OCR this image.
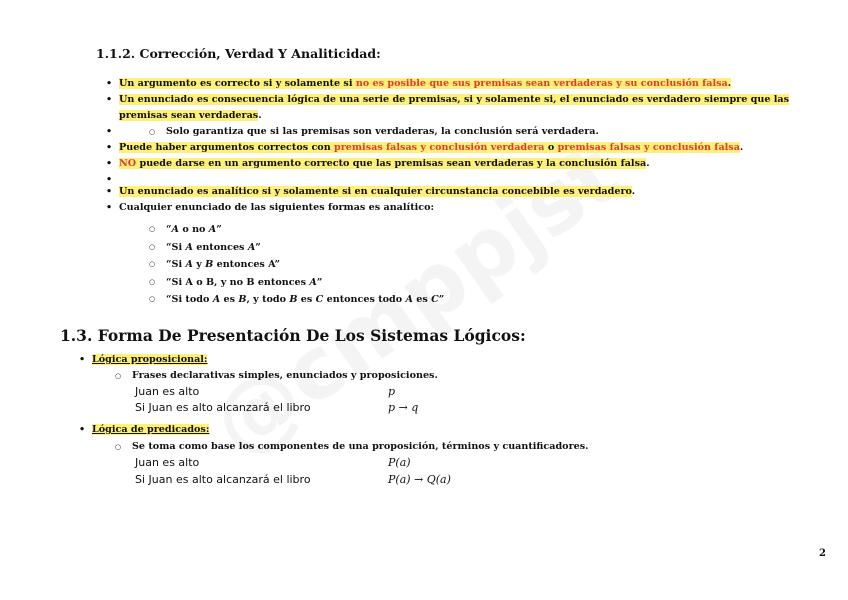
1.1.2. Corrección, Verdad Y Analiticidad:
• Un argumento es correcto si y solamente si no es posible que sus premisas sean verdaderas y su conclusión falsa.
• Un enunciado es consecuencia lógica de una serie de premisas, si y solamente si, el enunciado es verdadero siempre que las
premisas sean verdaderas.
• ○ Solo garantiza que si las premisas son verdaderas, la conclusión será verdadera.
• Puede haber argumentos correctos con premisas falsas y conclusión verdadera o premisas falsas y conclusión falsa.
• NO puede darse en un argumento correcto que las premisas sean verdaderas y la conclusión falsa.
•
• Un enunciado es analítico si y solamente si en cualquier circunstancia concebible es verdadero.
• Cualquier enunciado de las siguientes formas es analítico:
○ “A o no A”
○ “Si A entonces A”
○ “Si A y B entonces A”
○ “Si A o B, y no B entonces A”
○ “Si todo A es B, y todo B es C entonces todo A es C”
1.3. Forma De Presentación De Los Sistemas Lógicos:
• Lógica proposicional:
○ Frases declarativas simples, enunciados y proposiciones.
Juan es alto	p
Si Juan es alto alcanzará el libro	p → q
• Lógica de predicados:
○ Se toma como base los componentes de una proposición, términos y cuantificadores.
Juan es alto	P(a)
Si Juan es alto alcanzará el libro	P(a) → Q(a)
2
